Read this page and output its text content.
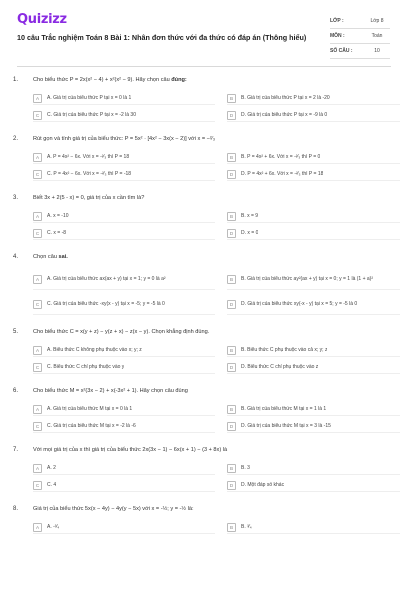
Quizizz
10 câu Trắc nghiệm Toán 8 Bài 1: Nhân đơn thức với đa thức có đáp án (Thông hiểu)
LỚP :	Lớp 8
MÔN :	Toán
SỐ CÂU :	10
1.	Cho biểu thức P = 2x(x² − 4) + x²(x² − 9). Hãy chọn câu đúng:
A	A. Giá trị của biểu thức P tại x = 0 là 1	B	B. Giá trị của biểu thức P tại x = 2 là -20
C	C. Giá trị của biểu thức P tại x = -2 là 30	D	D. Giá trị của biểu thức P tại x = -9 là 0
2.	Rút gọn và tính giá trị của biểu thức: P = 5x² · [4x² − 3x(x − 2)] với x = −²⁄₃
A	A. P = 4x² − 6x. Với x = -²⁄₃ thì P = 18	B	B. P = 4x² + 6x. Với x = -²⁄₃ thì P = 0
C	C. P = 4x² − 6x. Với x = -²⁄₃ thì P = -18	D	D. P = 4x² + 6x. Với x = -²⁄₃ thì P = 18
3.	Biết 3x + 2(5 - x) = 0, giá trị của x cần tìm là?
A	A. x = -10	B	B. x = 9
C	C. x = -8	D	D. x = 0
4.	Chọn câu sai.
A	A. Giá trị của biểu thức ax(ax + y) tại x = 1; y = 0 là a²	B	B. Giá trị của biểu thức ay²(ax + y) tại x = 0; y = 1 là (1 + a)²
C	C. Giá trị của biểu thức -xy(x - y) tại x = -5; y = -5 là 0	D	D. Giá trị của biểu thức xy(-x - y) tại x = 5; y = -5 là 0
5.	Cho biểu thức C = x(y + z) − y(z + x) − z(x − y). Chọn khẳng định đúng.
A	A. Biểu thức C không phụ thuộc vào x; y; z	B	B. Biểu thức C phụ thuộc vào cả x; y; z
C	C. Biểu thức C chỉ phụ thuộc vào y	D	D. Biểu thức C chỉ phụ thuộc vào z
6.	Cho biểu thức M = x²(3x − 2) + x(-3x² + 1). Hãy chọn câu đúng
A	A. Giá trị của biểu thức M tại x = 0 là 1	B	B. Giá trị của biểu thức M tại x = 1 là 1
C	C. Giá trị của biểu thức M tại x = -2 là -6	D	D. Giá trị của biểu thức M tại x = 3 là -15
7.	Với mọi giá trị của x thì giá trị của biểu thức 2x(3x − 1) − 6x(x + 1) − (3 + 8x) là
A	A. 2	B	B. 3
C	C. 4	D	D. Một đáp số khác
8.	Giá trị của biểu thức 5x(x − 4y) − 4y(y − 5x) với x = -½; y = -½ là:
A	A. -³⁄₄	B	B. ³⁄₄
